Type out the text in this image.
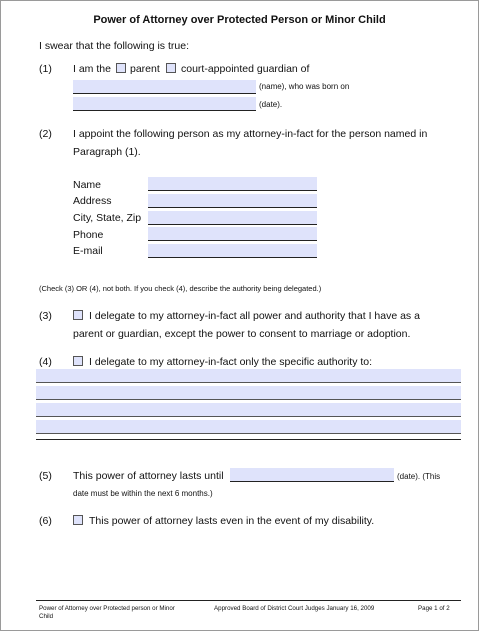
Power of Attorney over Protected Person or Minor Child
I swear that the following is true:
(1) I am the parent court-appointed guardian of
(name), who was born on
(date).
(2) I appoint the following person as my attorney-in-fact for the person named in
Paragraph (1).
Name
Address
City, State, Zip
Phone
E-mail
(Check (3) OR (4), not both. If you check (4), describe the authority being delegated.)
(3)	I delegate to my attorney-in-fact all power and authority that I have as a
parent or guardian, except the power to consent to marriage or adoption.
(4)	I delegate to my attorney-in-fact only the specific authority to:
(5) This power of attorney lasts until	(date). (This
date must be within the next 6 months.)
(6)	This power of attorney lasts even in the event of my disability.
Power of Attorney over Protected person or Minor
Child
Approved Board of District Court Judges January 16, 2009	Page 1 of 2
